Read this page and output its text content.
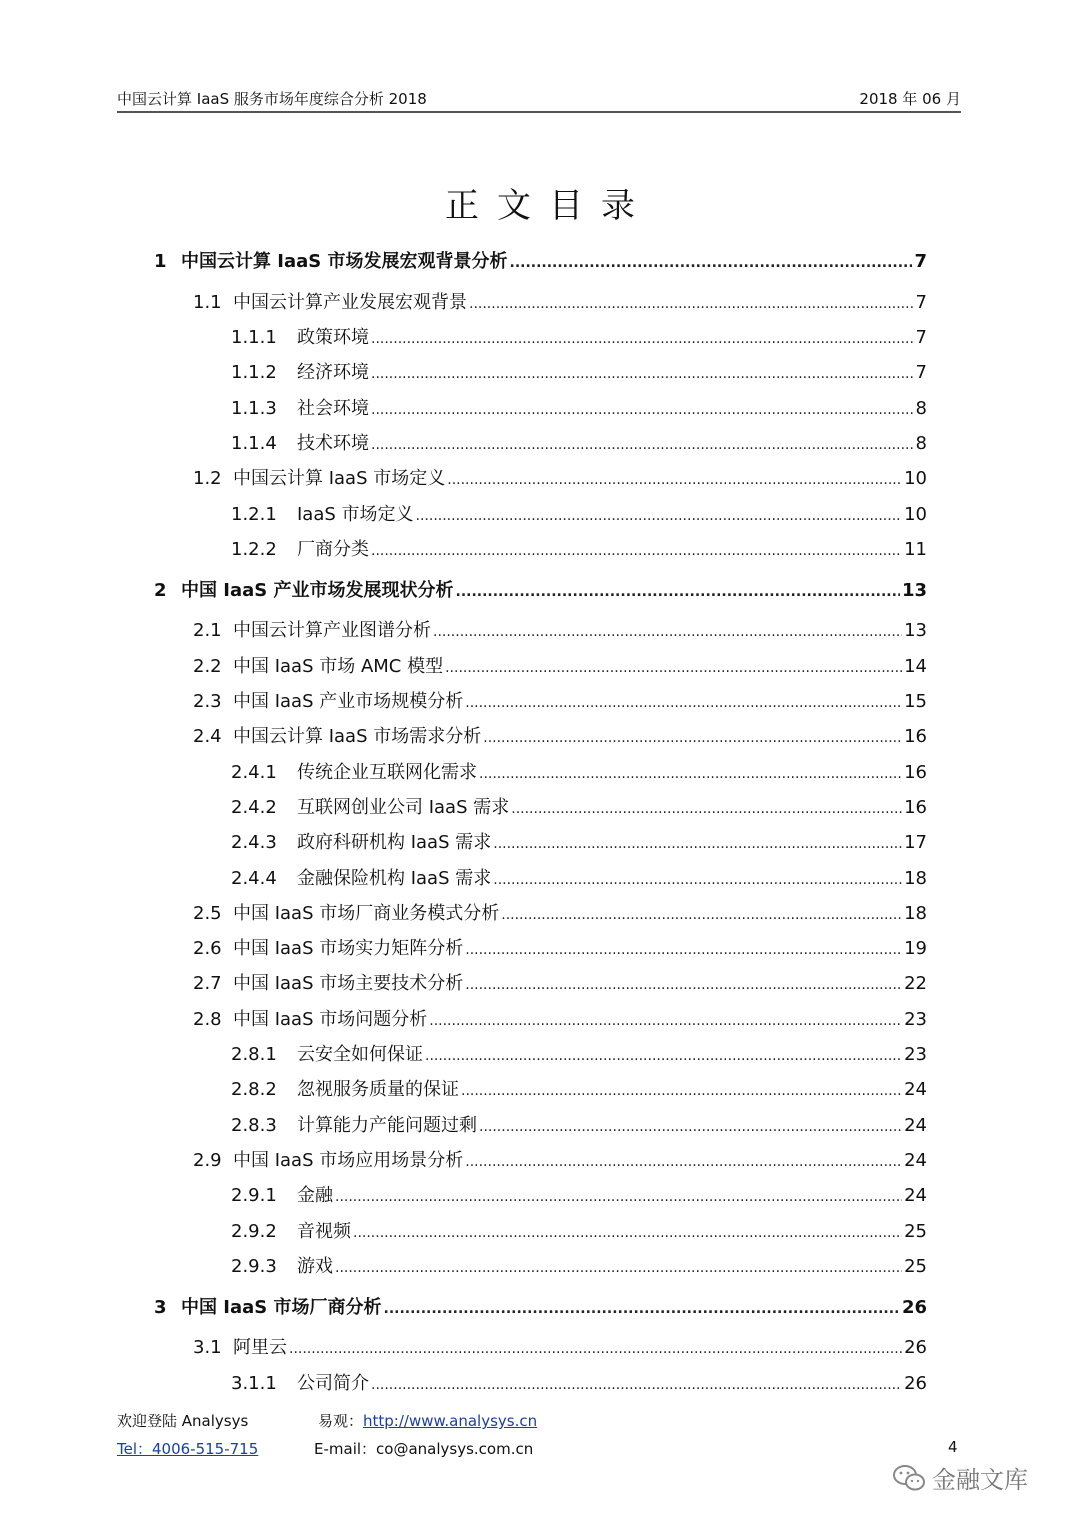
中国云计算 IaaS 服务市场年度综合分析 2018	2018 年 06 月
正文目录
1 中国云计算 IaaS 市场发展宏观背景分析 .....	7
1.1 中国云计算产业发展宏观背景 .....	7
1.1.1	政策环境 .....	7
1.1.2	经济环境 .....	7
1.1.3	社会环境 .....	8
1.1.4	技术环境 .....	8
1.2 中国云计算 IaaS 市场定义 .....	10
1.2.1	IaaS 市场定义 .....	10
1.2.2	厂商分类 .....	11
2 中国 IaaS 产业市场发展现状分析 .....	13
2.1 中国云计算产业图谱分析 .....	13
2.2 中国 IaaS 市场 AMC 模型 .....	14
2.3 中国 IaaS 产业市场规模分析 .....	15
2.4 中国云计算 IaaS 市场需求分析 .....	16
2.4.1	传统企业互联网化需求 .....	16
2.4.2	互联网创业公司 IaaS 需求 .....	16
2.4.3	政府科研机构 IaaS 需求 .....	17
2.4.4	金融保险机构 IaaS 需求 .....	18
2.5 中国 IaaS 市场厂商业务模式分析 .....	18
2.6 中国 IaaS 市场实力矩阵分析 .....	19
2.7 中国 IaaS 市场主要技术分析 .....	22
2.8 中国 IaaS 市场问题分析 .....	23
2.8.1	云安全如何保证 .....	23
2.8.2	忽视服务质量的保证 .....	24
2.8.3	计算能力产能问题过剩 .....	24
2.9 中国 IaaS 市场应用场景分析 .....	24
2.9.1	金融 .....	24
2.9.2	音视频 .....	25
2.9.3	游戏 .....	25
3 中国 IaaS 市场厂商分析 .....	26
3.1 阿里云 .....	26
3.1.1	公司简介 .....	26
欢迎登陆 Analysys	易观：http://www.analysys.cn
Tel：4006-515-715	E-mail：co@analysys.com.cn	4
金融文库
